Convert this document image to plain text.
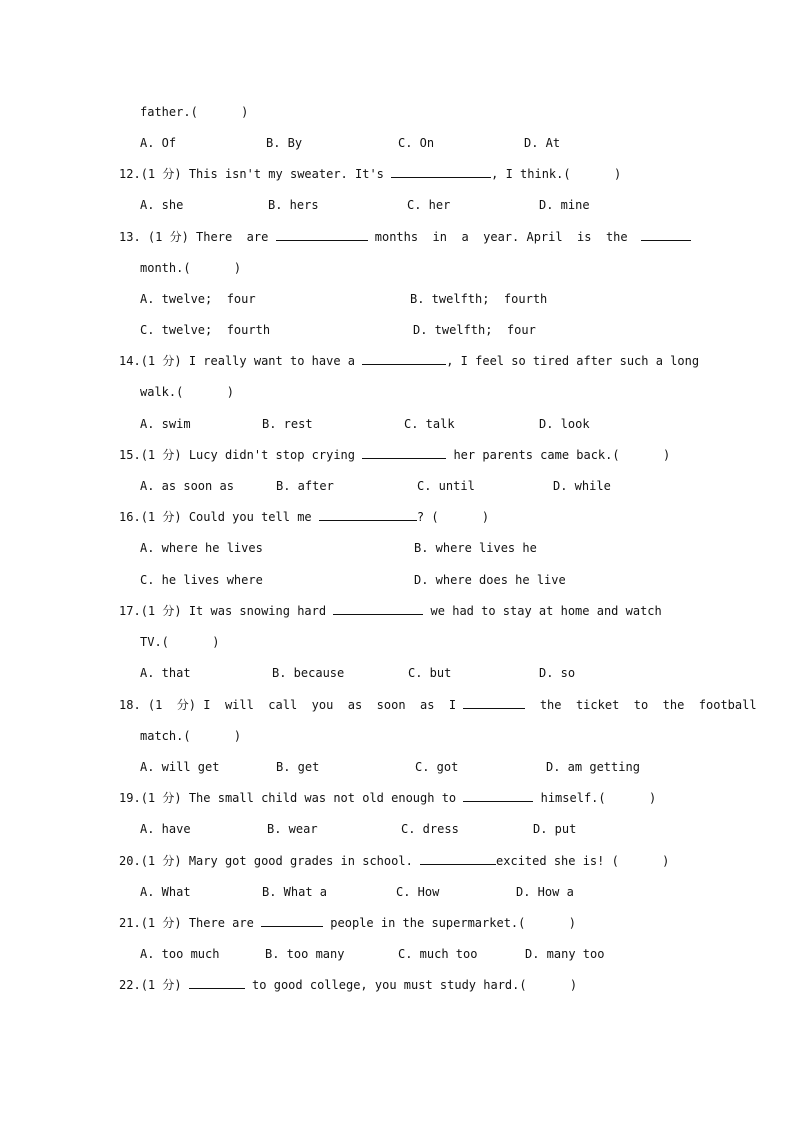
father.(      )
A. Of	B. By	C. On	D. At
12.(1 分) This isn't my sweater. It's	, I think.(      )
A. she	B. hers	C. her	D. mine
13. (1 分) There  are	months  in  a  year. April  is  the
month.(      )
A. twelve;  four	B. twelfth;  fourth
C. twelve;  fourth	D. twelfth;  four
14.(1 分) I really want to have a	, I feel so tired after such a long
walk.(      )
A. swim	B. rest	C. talk	D. look
15.(1 分) Lucy didn't stop crying	her parents came back.(      )
A. as soon as	B. after	C. until	D. while
16.(1 分) Could you tell me	? (      )
A. where he lives	B. where lives he
C. he lives where	D. where does he live
17.(1 分) It was snowing hard	we had to stay at home and watch
TV.(      )
A. that	B. because	C. but	D. so
18. (1  分) I  will  call  you  as  soon  as  I	the  ticket  to  the  football
match.(      )
A. will get	B. get	C. got	D. am getting
19.(1 分) The small child was not old enough to	himself.(      )
A. have	B. wear	C. dress	D. put
20.(1 分) Mary got good grades in school.	excited she is! (      )
A. What	B. What a	C. How	D. How a
21.(1 分) There are	people in the supermarket.(      )
A. too much	B. too many	C. much too	D. many too
22.(1 分)	to good college, you must study hard.(      )
